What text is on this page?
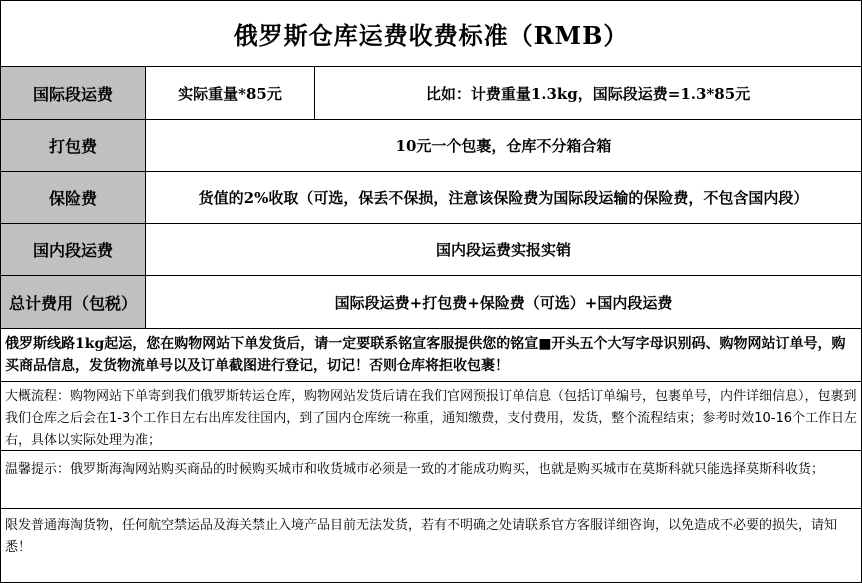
俄罗斯仓库运费收费标准（RMB）
国际段运费	实际重量*85元	比如：计费重量1.3kg，国际段运费=1.3*85元
打包费	10元一个包裹，仓库不分箱合箱
保险费	货值的2%收取（可选，保丢不保损，注意该保险费为国际段运输的保险费，不包含国内段）
国内段运费	国内段运费实报实销
总计费用（包税）	国际段运费+打包费+保险费（可选）+国内段运费
俄罗斯线路1kg起运，您在购物网站下单发货后，请一定要联系铭宣客服提供您的铭宣■开头五个大写字母识别码、购物网站订单号，购买商品信息，发货物流单号以及订单截图进行登记，切记！否则仓库将拒收包裹！
大概流程：购物网站下单寄到我们俄罗斯转运仓库，购物网站发货后请在我们官网预报订单信息（包括订单编号，包裹单号，内件详细信息），包裹到我们仓库之后会在1-3个工作日左右出库发往国内，到了国内仓库统一称重，通知缴费，支付费用，发货，整个流程结束；参考时效10-16个工作日左右，具体以实际处理为准；
温馨提示：俄罗斯海淘网站购买商品的时候购买城市和收货城市必须是一致的才能成功购买，也就是购买城市在莫斯科就只能选择莫斯科收货；
限发普通海淘货物，任何航空禁运品及海关禁止入境产品目前无法发货，若有不明确之处请联系官方客服详细咨询，以免造成不必要的损失，请知悉！
